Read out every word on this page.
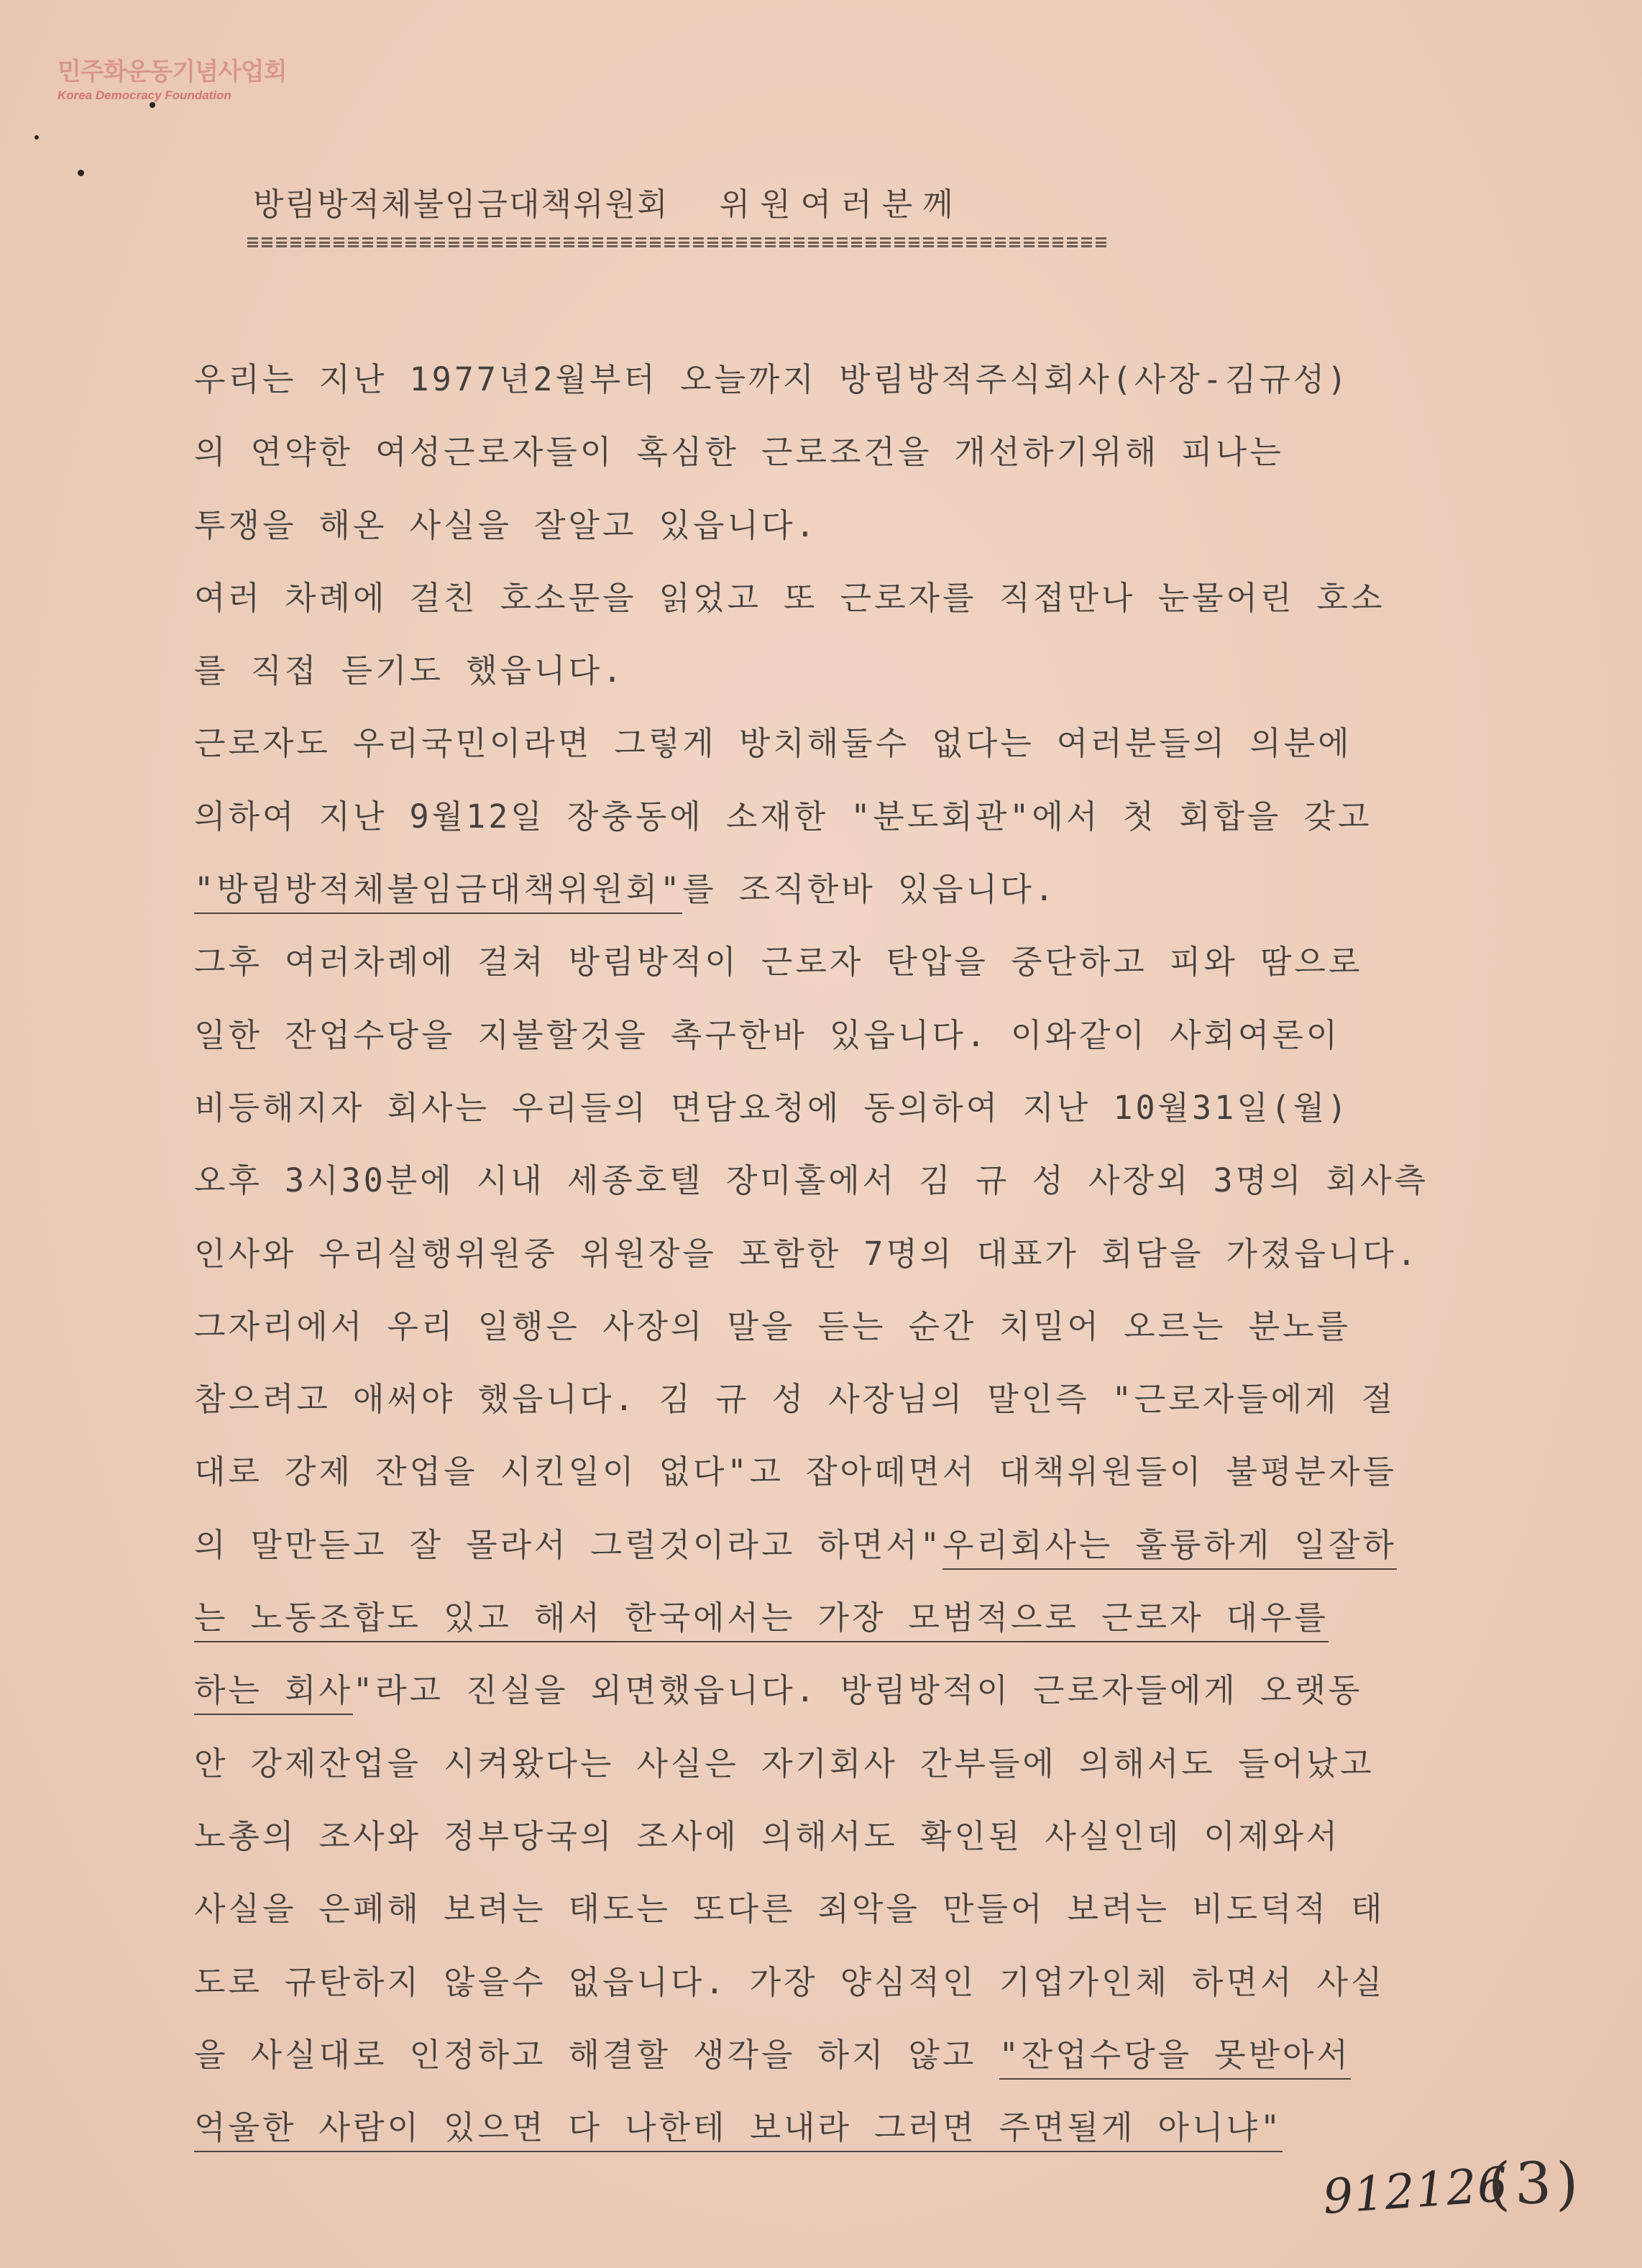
민주화운동기념사업회
Korea Democracy Foundation
방림방적체불임금대책위원회 위원여러분께
우리는 지난 1977년2월부터 오늘까지 방림방적주식회사(사장-김규성)
의 연약한 여성근로자들이 혹심한 근로조건을 개선하기위해 피나는
투쟁을 해온 사실을 잘알고 있읍니다.
여러 차례에 걸친 호소문을 읽었고 또 근로자를 직접만나 눈물어린 호소
를 직접 듣기도 했읍니다.
근로자도 우리국민이라면 그렇게 방치해둘수 없다는 여러분들의 의분에
의하여 지난 9월12일 장충동에 소재한 "분도회관"에서 첫 회합을 갖고
"방림방적체불임금대책위원회"를 조직한바 있읍니다.
그후 여러차례에 걸쳐 방림방적이 근로자 탄압을 중단하고 피와 땀으로
일한 잔업수당을 지불할것을 촉구한바 있읍니다. 이와같이 사회여론이
비등해지자 회사는 우리들의 면담요청에 동의하여 지난 10월31일(월)
오후 3시30분에 시내 세종호텔 장미홀에서 김 규 성 사장외 3명의 회사측
인사와 우리실행위원중 위원장을 포함한 7명의 대표가 회담을 가졌읍니다.
그자리에서 우리 일행은 사장의 말을 듣는 순간 치밀어 오르는 분노를
참으려고 애써야 했읍니다. 김 규 성 사장님의 말인즉 "근로자들에게 절
대로 강제 잔업을 시킨일이 없다"고 잡아떼면서 대책위원들이 불평분자들
의 말만듣고 잘 몰라서 그럴것이라고 하면서"우리회사는 훌륭하게 일잘하
는 노동조합도 있고 해서 한국에서는 가장 모범적으로 근로자 대우를
하는 회사"라고 진실을 외면했읍니다. 방림방적이 근로자들에게 오랫동
안 강제잔업을 시켜왔다는 사실은 자기회사 간부들에 의해서도 들어났고
노총의 조사와 정부당국의 조사에 의해서도 확인된 사실인데 이제와서
사실을 은폐해 보려는 태도는 또다른 죄악을 만들어 보려는 비도덕적 태
도로 규탄하지 않을수 없읍니다. 가장 양심적인 기업가인체 하면서 사실
을 사실대로 인정하고 해결할 생각을 하지 않고 "잔업수당을 못받아서
억울한 사람이 있으면 다 나한테 보내라 그러면 주면될게 아니냐"
912126
(3)
